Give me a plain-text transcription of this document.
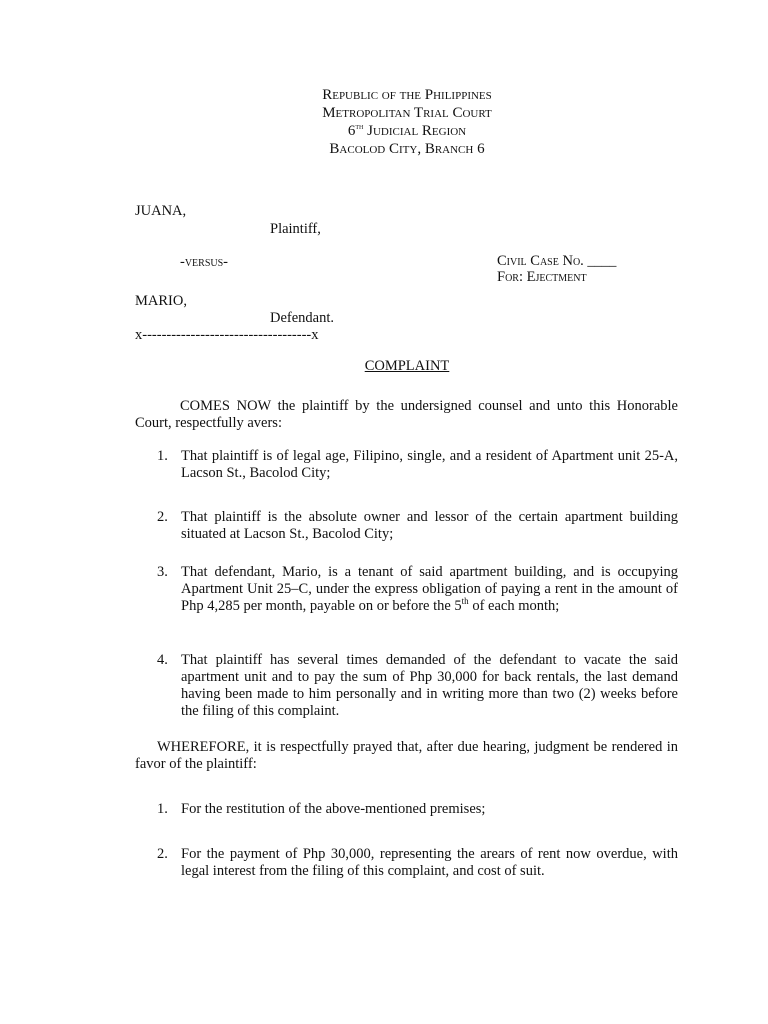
Republic of the Philippines
Metropolitan Trial Court
6th Judicial Region
Bacolod City, Branch 6
JUANA,
Plaintiff,
-versus-	Civil Case No. ____
For: Ejectment
MARIO,
Defendant.
x-----------------------------------x
COMPLAINT
COMES NOW the plaintiff by the undersigned counsel and unto this Honorable Court, respectfully avers:
1. That plaintiff is of legal age, Filipino, single, and a resident of Apartment unit 25-A, Lacson St., Bacolod City;
2. That plaintiff is the absolute owner and lessor of the certain apartment building situated at Lacson St., Bacolod City;
3. That defendant, Mario, is a tenant of said apartment building, and is occupying Apartment Unit 25–C, under the express obligation of paying a rent in the amount of Php 4,285 per month, payable on or before the 5th of each month;
4. That plaintiff has several times demanded of the defendant to vacate the said apartment unit and to pay the sum of Php 30,000 for back rentals, the last demand having been made to him personally and in writing more than two (2) weeks before the filing of this complaint.
WHEREFORE, it is respectfully prayed that, after due hearing, judgment be rendered in favor of the plaintiff:
1. For the restitution of the above-mentioned premises;
2. For the payment of Php 30,000, representing the arears of rent now overdue, with legal interest from the filing of this complaint, and cost of suit.
